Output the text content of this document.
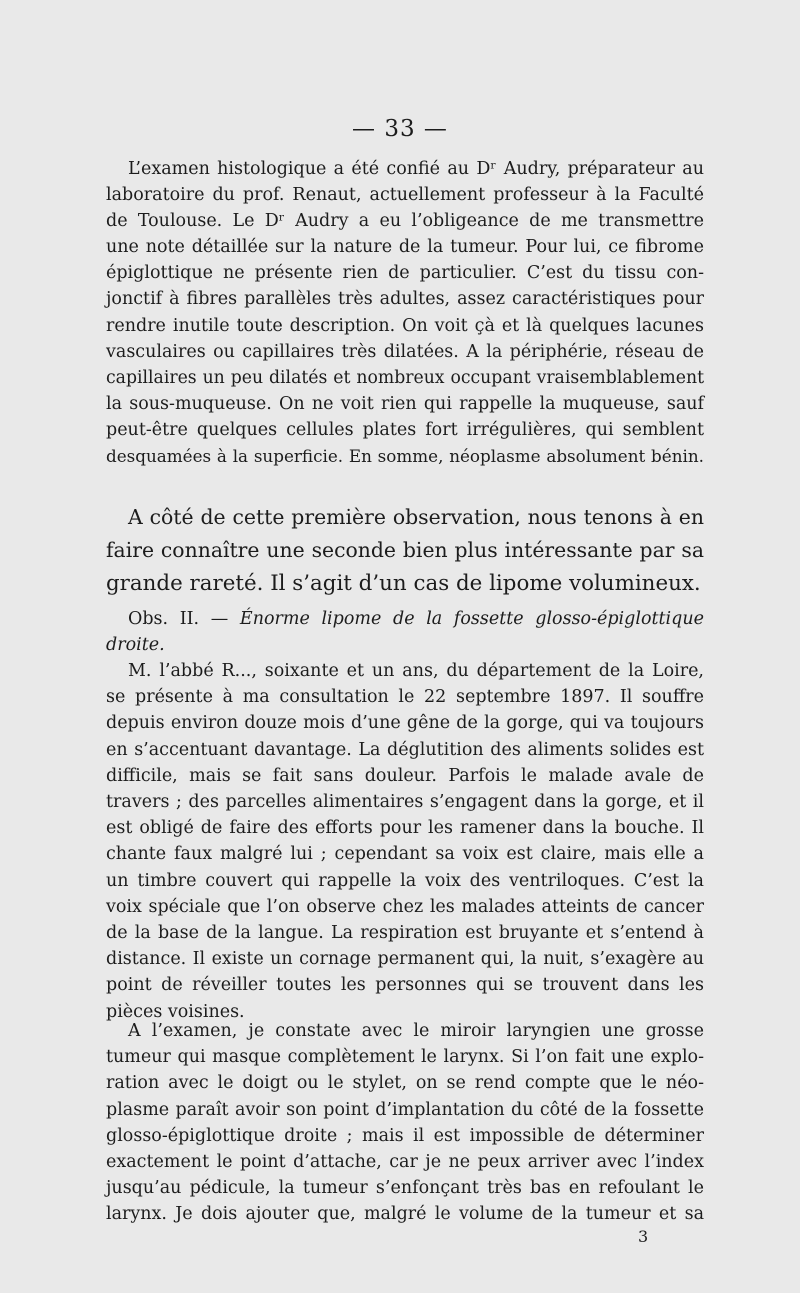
— 33 —
L’examen histologique a été confié au Dʳ Audry, préparateur au
laboratoire du prof. Renaut, actuellement professeur à la Faculté
de Toulouse. Le Dʳ Audry a eu l’obligeance de me transmettre
une note détaillée sur la nature de la tumeur. Pour lui, ce fibrome
épiglottique ne présente rien de particulier. C’est du tissu con-
jonctif à fibres parallèles très adultes, assez caractéristiques pour
rendre inutile toute description. On voit çà et là quelques lacunes
vasculaires ou capillaires très dilatées. A la périphérie, réseau de
capillaires un peu dilatés et nombreux occupant vraisemblablement
la sous-muqueuse. On ne voit rien qui rappelle la muqueuse, sauf
peut-être quelques cellules plates fort irrégulières, qui semblent
desquamées à la superficie. En somme, néoplasme absolument bénin.
A côté de cette première observation, nous tenons à en
faire connaître une seconde bien plus intéressante par sa
grande rareté. Il s’agit d’un cas de lipome volumineux.
Obs. II. — Énorme lipome de la fossette glosso-épiglottique
droite.
M. l’abbé R..., soixante et un ans, du département de la Loire,
se présente à ma consultation le 22 septembre 1897. Il souffre
depuis environ douze mois d’une gêne de la gorge, qui va toujours
en s’accentuant davantage. La déglutition des aliments solides est
difficile, mais se fait sans douleur. Parfois le malade avale de
travers ; des parcelles alimentaires s’engagent dans la gorge, et il
est obligé de faire des efforts pour les ramener dans la bouche. Il
chante faux malgré lui ; cependant sa voix est claire, mais elle a
un timbre couvert qui rappelle la voix des ventriloques. C’est la
voix spéciale que l’on observe chez les malades atteints de cancer
de la base de la langue. La respiration est bruyante et s’entend à
distance. Il existe un cornage permanent qui, la nuit, s’exagère au
point de réveiller toutes les personnes qui se trouvent dans les
pièces voisines.
A l’examen, je constate avec le miroir laryngien une grosse
tumeur qui masque complètement le larynx. Si l’on fait une explo-
ration avec le doigt ou le stylet, on se rend compte que le néo-
plasme paraît avoir son point d’implantation du côté de la fossette
glosso-épiglottique droite ; mais il est impossible de déterminer
exactement le point d’attache, car je ne peux arriver avec l’index
jusqu’au pédicule, la tumeur s’enfonçant très bas en refoulant le
larynx. Je dois ajouter que, malgré le volume de la tumeur et sa
3
